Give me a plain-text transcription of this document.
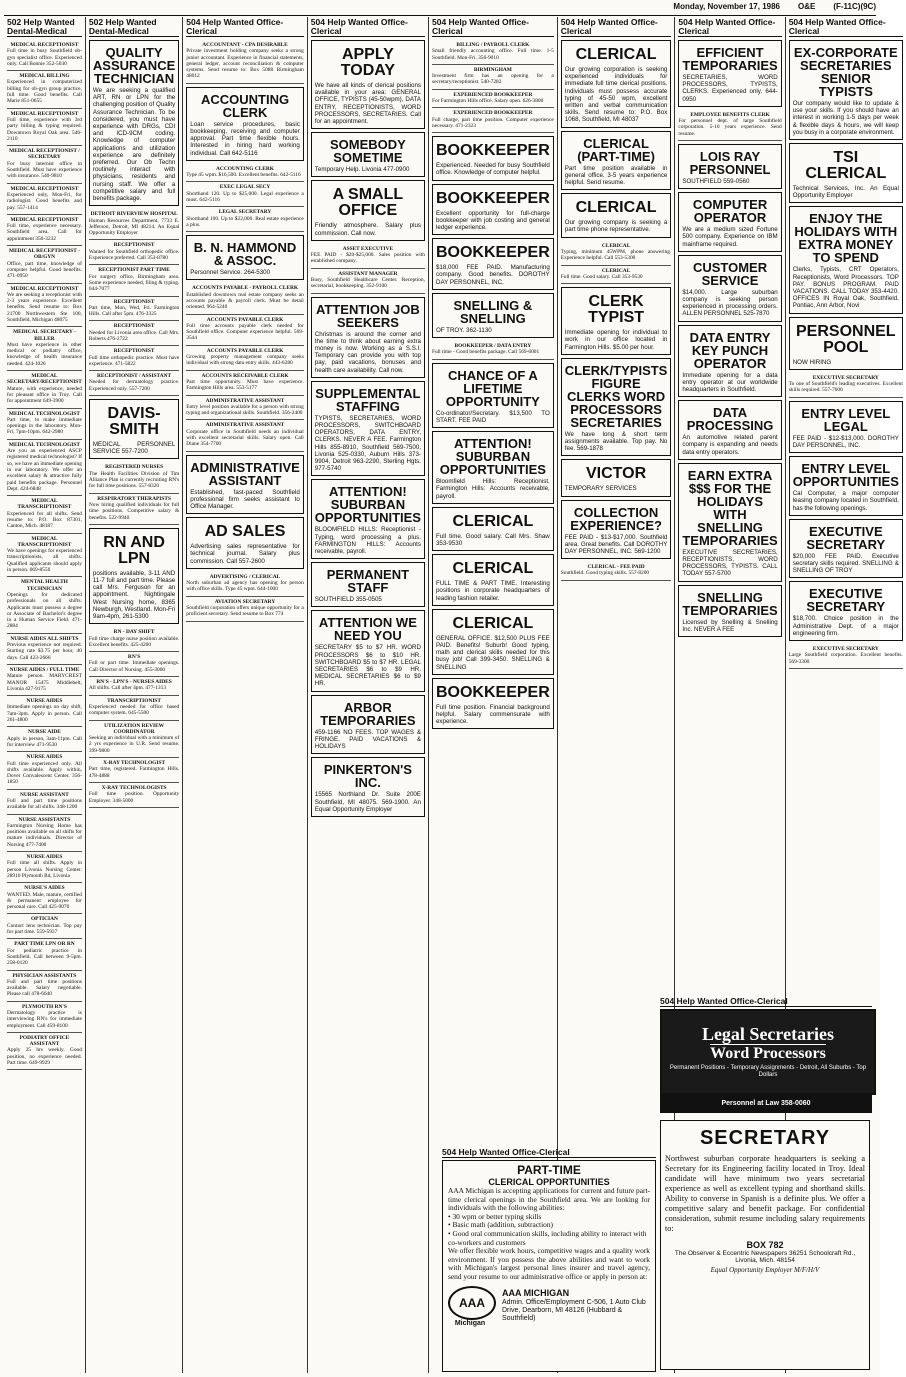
Monday, November 17, 1986 O&E (F-11C)(9C)
502 Help Wanted Dental-Medical
MEDICAL RECEPTIONIST
Full time in busy Southfield ob-gyn specialist office. Experienced only. Call Bonnie 352-5030
MEDICAL BILLING
Experienced in computerized billing for ob-gyn group practice, full time. Good benefits. Call Marie 851-0655
MEDICAL RECEPTIONIST
Full time, experience with 3rd party billing & typing required. Downtown Royal Oak area. 546-2110
MEDICAL RECEPTIONIST / SECRETARY
For busy internist office in Southfield. Must have experience with insurance. 540-9810
MEDICAL RECEPTIONIST
Experienced only, Mon-Fri, for radiologist. Good benefits and pay. 557-1414
MEDICAL RECEPTIONIST
Full time, experience necessary. Southfield area. Call for appointment 350-3232
MEDICAL RECEPTIONIST - OB/GYN
Office, part time, knowledge of computer helpful. Good benefits. 471-0950
MEDICAL RECEPTIONIST
We are seeking a receptionist with 2-3 years experience. Excellent benefits. Send resume to: Box 21700 Northwestern Ste 100, Southfield, Michigan 48075
MEDICAL SECRETARY - BILLER
Must have experience in other medical or podiatry office, knowledge of health insurance needed. 424-1026
MEDICAL SECRETARY/RECEPTIONIST
Mature, with experience, needed for pleasant office in Troy. Call for appointment 649-3900
MEDICAL TECHNOLOGIST
Part time, to make immediate openings in the laboratory. Mon-Fri, 7pm-10pm. 642-2980
MEDICAL TECHNOLOGIST
Are you an experienced ASCP registered medical technologist? If so, we have an immediate opening in our laboratory. We offer an excellent salary & attractive fully paid benefits package. Personnel Dept. 424-6848
MEDICAL TRANSCRIPTIONIST
Experienced for all shifts. Send resume to: P.O. Box 87301, Canton, Mich. 48187
MEDICAL TRANSCRIPTIONIST
We have openings for experienced transcriptionists, all shifts. Qualified applicants should apply in person. 669-8556
MENTAL HEALTH TECHNICIAN
Openings for dedicated professionals on all shifts. Applicants must possess a degree or Associate of Bachelor's degree in a Human Service Field. 471-2884
NURSE AIDES ALL SHIFTS
Previous experience not required. Starting rate $3.75 per hour, 40 days. Call 423-2666
NURSE AIDES / FULL TIME
Mature person. MARYCREST MANOR 15475 Middlebelt, Livonia 427-9175
NURSE AIDES
Immediate openings on day shift, 7am-3pm. Apply in person. Call 261-4800
NURSE AIDE
Apply in person, 3am-11pm. Call for interview 471-9530
NURSE AIDES
Full time experienced only. All shifts available. Apply within, Dover Convalescent Center. 356-1850
NURSE ASSISTANT
Full and part time positions available for all shifts. 348-1200
NURSE ASSISTANTS
Farmington Nursing Home has positions available on all shifts for mature individuals. Director of Nursing 477-7400
NURSE AIDES
Full time all shifts. Apply in person Livonia Nursing Center. 28910 Plymouth Rd, Livonia
NURSE'S AIDES
WANTED. Male, mature, certified & permanent employee for personal care. Call 425-9070
OPTICIAN
Contact lens technician. Top pay for part time. 559-5937
PART TIME LPN OR RN
For pediatric practice in Southfield. Call between 9-5pm. 258-0120
PHYSICIAN ASSISTANTS
Full and part time positions available. Salary negotiable. Please call 478-6640
PLYMOUTH RN'S
Dermatology practice is interviewing RN's for immediate employment. Call 459-8100
PODIATRY OFFICE ASSISTANT
Apply 25 hrs weekly. Good position, no experience needed. Part time. 649-9929
502 Help Wanted Dental-Medical
QUALITY ASSURANCE TECHNICIAN
We are seeking a qualified ART, RN or LPN for the challenging position of Quality Assurance Technician. To be considered, you must have experience with DRGs, CDI and ICD-9CM coding. Knowledge of computer applications and utilization experience are definitely preferred. Our Ob Techn routinely interact with physicians, residents and nursing staff. We offer a competitive salary and full benefits package.
DETROIT RIVERVIEW HOSPITAL
Human Resources Department, 7733 E. Jefferson, Detroit, MI 48214. An Equal Opportunity Employer
RECEPTIONIST
Wanted for Southfield orthopedic office. Experience preferred. Call 353-8780
RECEPTIONIST PART TIME
For surgery office, Birmingham area. Some experience needed, filing & typing. 644-7077
RECEPTIONIST
Part time, Mon, Wed, Fri. Farmington Hills. Call after 5pm. 476-3325
RECEPTIONIST
Needed for Livonia area office. Call Mrs. Roberts 476-2722
RECEPTIONIST
Full time orthopedic practice. Must have experience. 471-5822
RECEPTIONIST / ASSISTANT
Needed for dermatology practice. Experienced only. 557-7200
DAVIS-SMITH
MEDICAL PERSONNEL SERVICE 557-7200
REGISTERED NURSES
The Health Facilities Division of Tim Alliance Plan is currently recruiting RN's for full time positions. 557-8320
RESPIRATORY THERAPISTS
Now hiring qualified individuals for full time positions. Competitive salary & benefits. 522-9940
RN AND LPN
positions available, 3-11 AND 11-7 full and part time. Please call Mrs. Ferguson for an appointment. Nightingale West Nursing home, 8365 Newburgh, Westland. Mon-Fri 9am-4pm, 261-5300
RN - DAY SHIFT
Full time charge nurse position available. Excellent benefits. 425-4200
RN'S
Full or part time. Immediate openings. Call Director of Nursing. 455-3000
RN'S - LPN'S - NURSES AIDES
All shifts. Call after 4pm. 477-1313
TRANSCRIPTIONIST
Experienced needed for office based computer system. 645-5500
UTILIZATION REVIEW COORDINATOR
Seeking an individual with a minimum of 2 yrs experience in U.R. Send resume. 399-9800
X-RAY TECHNOLOGIST
Part time, registered. Farmington Hills. 478-4888
X-RAY TECHNOLOGISTS
Full time position. Opportunity Employer. 348-5000
504 Help Wanted Office-Clerical
ACCOUNTANT - CPA DESIRABLE
Private investment holding company seeks a strong junior accountant. Experience in financial statements, general ledger, account reconciliation & computer systems. Send resume to: Box 5088 Birmingham 48012
ACCOUNTING CLERK
Loan service procedures, basic bookkeeping, receiving and computer approval. Part time flexible hours. Interested in hiring hard working individual. Call 642-5116
ACCOUNTING CLERK
Type 45 wpm. $16,500. Excellent benefits. 642-5116
EXEC LEGAL SECY
Shorthand 120. Up to $25,000. Legal experience a must. 642-5116
LEGAL SECRETARY
Shorthand 100. Up to $22,000. Real estate experience a plus.
B. N. HAMMOND & ASSOC.
Personnel Service. 264-5300
ACCOUNTS PAYABLE - PAYROLL CLERK
Established downtown real estate company seeks an accounts payable & payroll clerk. Must be detail oriented. 964-5240
ACCOUNTS PAYABLE CLERK
Full time accounts payable clerk needed for Southfield office. Computer experience helpful. 569-3544
ACCOUNTS PAYABLE CLERK
Growing property management company seeks individual with strong data entry skills. 443-6280
ACCOUNTS RECEIVABLE CLERK
Part time opportunity. Must have experience. Farmington Hills area. 553-5177
ADMINISTRATIVE ASSISTANT
Entry level position available for a person with strong typing and organizational skills. Southfield. 356-2400
ADMINISTRATIVE ASSISTANT
Corporate office in Southfield needs an individual with excellent secretarial skills. Salary open. Call Diane 354-7700
ADMINISTRATIVE ASSISTANT
Established, fast-paced Southfield professional firm seeks assistant to Office Manager.
AD SALES
Advertising sales representative for technical journal. Salary plus commission. Call 557-2600
ADVERTISING / CLERICAL
North suburban ad agency has opening for person with office skills. Type 45 wpm. 644-1000
AVIATION SECRETARY
Southfield corporation offers unique opportunity for a proficient secretary. Send resume to Box 774
504 Help Wanted Office-Clerical
APPLY TODAY
We have all kinds of clerical positions available in your area: GENERAL OFFICE, TYPISTS (45-50wpm), DATA ENTRY, RECEPTIONISTS, WORD PROCESSORS, SECRETARIES. Call for an appointment.
SOMEBODY SOMETIME
Temporary Help. Livonia 477-0900
A SMALL OFFICE
Friendly atmosphere. Salary plus commission. Call now.
ASSET EXECUTIVE
FEE PAID - $20-$25,000. Sales position with established company.
ASSISTANT MANAGER
Busy, Southfield Healthcare Center. Reception, secretarial, bookkeeping. 352-9100
ATTENTION JOB SEEKERS
Christmas is around the corner and the time to think about earning extra money is now. Working as a S.S.I. Temporary can provide you with top pay, paid vacations, bonuses and health care availability. Call now.
SUPPLEMENTAL STAFFING
TYPISTS, SECRETARIES, WORD PROCESSORS, SWITCHBOARD OPERATORS, DATA ENTRY, CLERKS. NEVER A FEE. Farmington Hills 855-8910, Southfield 569-7500, Livonia 525-0330, Auburn Hills 373-9904, Detroit 963-2290, Sterling Hgts. 977-5740
ATTENTION! SUBURBAN OPPORTUNITIES
BLOOMFIELD HILLS: Receptionist - Typing, word processing a plus. FARMINGTON HILLS: Accounts receivable, payroll.
PERMANENT STAFF
SOUTHFIELD 355-0505
ATTENTION WE NEED YOU
SECRETARY $5 to $7 HR. WORD PROCESSORS $6 to $10 HR. SWITCHBOARD $5 to $7 HR. LEGAL SECRETARIES $6 to $9 HR. MEDICAL SECRETARIES $6 to $9 HR.
ARBOR TEMPORARIES
459-1166 NO FEES. TOP WAGES & FRINGE. PAID VACATIONS & HOLIDAYS
PINKERTON'S INC.
15565 Northland Dr. Suite 200E Southfield, MI 48075. 569-1900. An Equal Opportunity Employer
504 Help Wanted Office-Clerical
BILLING / PAYROLL CLERK
Small friendly accounting office. Full time. 1-5 Southfield. Mon-Fri. 356-9010
BIRMINGHAM
Investment firm has an opening for a secretary/receptionist. 540-7282
EXPERIENCED BOOKKEEPER
For Farmington Hills office. Salary open. 626-3800
EXPERIENCED BOOKKEEPER
Full charge, part time position. Computer experience necessary. 471-2323
BOOKKEEPER
Experienced. Needed for busy Southfield office. Knowledge of computer helpful.
BOOKKEEPER
Excellent opportunity for full-charge bookkeeper with job costing and general ledger experience.
BOOKKEEPER
$18,000 FEE PAID. Manufacturing company. Good benefits. DOROTHY DAY PERSONNEL, INC.
SNELLING & SNELLING
OF TROY. 362-1130
BOOKKEEPER / DATA ENTRY
Full time - Good benefits package. Call 569-6001
CHANCE OF A LIFETIME OPPORTUNITY
Co-ordinator/Secretary. $13,500 TO START. FEE PAID
ATTENTION! SUBURBAN OPPORTUNITIES
Bloomfield Hills: Receptionist. Farmington Hills: Accounts receivable, payroll.
CLERICAL
Full time. Good salary. Call Mrs. Shaw 353-9530
CLERICAL
FULL TIME & PART TIME. Interesting positions in corporate headquarters of leading fashion retailer.
CLERICAL
GENERAL OFFICE. $12,500 PLUS FEE PAID. Benefits! Suburb! Good typing, math and clerical skills needed for this busy job! Call 399-3450. SNELLING & SNELLING
BOOKKEEPER
Full time position. Financial background helpful. Salary commensurate with experience.
504 Help Wanted Office-Clerical
CLERICAL
Our growing corporation is seeking experienced individuals for immediate full time clerical positions. Individuals must possess accurate typing of 45-50 wpm, excellent written and verbal communication skills. Send resume to: P.O. Box 1068, Southfield, MI 48037
CLERICAL (PART-TIME)
Part time position available in general office. 3-5 years experience helpful. Send resume.
CLERICAL
Our growing company is seeking a part time phone representative.
CLERICAL
Typing, minimum 45WPM, phone answering. Experience helpful. Call 553-5300
CLERICAL
Full time. Good salary. Call 353-9530
CLERK TYPIST
Immediate opening for individual to work in our office located in Farmington Hills. $5.00 per hour.
CLERK/TYPISTS FIGURE CLERKS WORD PROCESSORS SECRETARIES
We have long & short term assignments available. Top pay. No fee. 569-1878
VICTOR
TEMPORARY SERVICES
COLLECTION EXPERIENCE?
FEE PAID - $13-$17,000. Southfield area. Great benefits. Call DOROTHY DAY PERSONNEL, INC. 569-1200
CLERICAL - FEE PAID
Southfield. Good typing skills. 557-8200
504 Help Wanted Office-Clerical
EFFICIENT TEMPORARIES
SECRETARIES, WORD PROCESSORS, TYPISTS, CLERKS. Experienced only. 644-0950
EMPLOYEE BENEFITS CLERK
For personnel dept. of large Southfield corporation. 5-10 years experience. Send resume.
LOIS RAY PERSONNEL
SOUTHFIELD 559-0560
COMPUTER OPERATOR
We are a medium sized Fortune 500 company. Experience on IBM mainframe required.
CUSTOMER SERVICE
$14,000. Large suburban company is seeking person experienced in processing orders. ALLEN PERSONNEL 525-7870
DATA ENTRY KEY PUNCH OPERATOR
Immediate opening for a data entry operator at our worldwide headquarters in Southfield.
DATA PROCESSING
An automotive related parent company is expanding and needs data entry operators.
EARN EXTRA $$$ FOR THE HOLIDAYS WITH SNELLING TEMPORARIES
EXECUTIVE SECRETARIES, RECEPTIONISTS, WORD PROCESSORS, TYPISTS. CALL TODAY 557-5700
SNELLING TEMPORARIES
Licensed by Snelling & Snelling Inc. NEVER A FEE
504 Help Wanted Office-Clerical
EX-CORPORATE SECRETARIES SENIOR TYPISTS
Our company would like to update & use your skills. If you should have an interest in working 1-5 days per week & flexible days & hours, we will keep you busy in a corporate environment.
TSI CLERICAL
Technical Services, Inc. An Equal Opportunity Employer
ENJOY THE HOLIDAYS WITH EXTRA MONEY TO SPEND
Clerks, Typists, CRT Operators, Receptionists, Word Processors. TOP PAY. BONUS PROGRAM. PAID VACATIONS. CALL TODAY 353-4420. OFFICES IN Royal Oak, Southfield, Pontiac, Ann Arbor, Novi
PERSONNEL POOL
NOW HIRING
EXECUTIVE SECRETARY
To one of Southfield's leading executives. Excellent skills required. 557-7600
ENTRY LEVEL LEGAL
FEE PAID - $12-$13,000. DOROTHY DAY PERSONNEL, INC.
ENTRY LEVEL OPPORTUNITIES
Cal Computer, a major computer leasing company located in Southfield, has the following openings.
EXECUTIVE SECRETARY
$20,000 FEE PAID. Executive secretary skills required. SNELLING & SNELLING OF TROY
EXECUTIVE SECRETARY
$18,700. Choice position in the Administrative Dept. of a major engineering firm.
EXECUTIVE SECRETARY
Large Southfield corporation. Excellent benefits. 569-3300
504 Help Wanted Office-Clerical
Legal Secretaries
Word Processors
Permanent Positions - Temporary Assignments - Detroit, All Suburbs - Top Dollars
Personnel at Law 358-0060
SECRETARY
Northwest suburban corporate headquarters is seeking a Secretary for its Engineering facility located in Troy. Ideal candidate will have minimum two years secretarial experience as well as excellent typing and shorthand skills. Ability to converse in Spanish is a definite plus. We offer a competitive salary and benefit package. For confidential consideration, submit resume including salary requirements to:
BOX 782
The Observer & Eccentric Newspapers 36251 Schoolcraft Rd., Livonia, Mich. 48154
Equal Opportunity Employer M/F/H/V
504 Help Wanted Office-Clerical
PART-TIME
CLERICAL OPPORTUNITIES
AAA Michigan is accepting applications for current and future part-time clerical openings in the Southfield area. We are looking for individuals with the following abilities:
• 30 wpm or better typing skills
• Basic math (addition, subtraction)
• Good oral communication skills, including ability to interact with co-workers and customers
We offer flexible work hours, competitive wages and a quality work environment. If you possess the above abilities and want to work with Michigan's largest personal lines insurer and travel agency, send your resume to our administrative office or apply in person at:
AAA
Michigan
AAA MICHIGAN
Admin. Office/Employment C-506, 1 Auto Club Drive, Dearborn, MI 48126 (Hubbard & Southfield)
